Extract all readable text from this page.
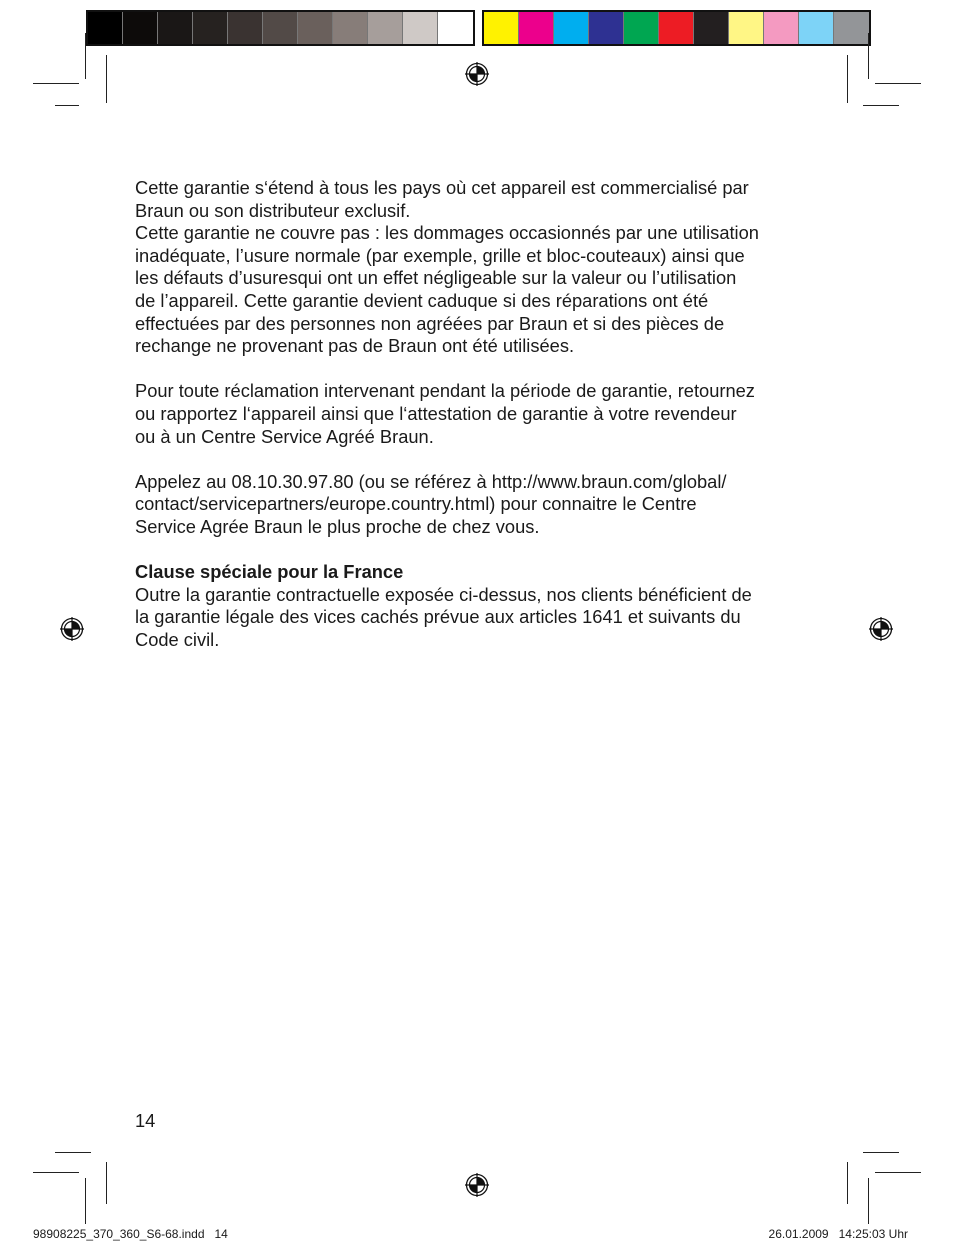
Cette garantie s‘étend à tous les pays où cet appareil est commercialisé par
Braun ou son distributeur exclusif.
Cette garantie ne couvre pas : les dommages occasionnés par une utilisation
inadéquate, l’usure normale (par exemple, grille et bloc-couteaux) ainsi que
les défauts d’usuresqui ont un effet négligeable sur la valeur ou l’utilisation
de l’appareil. Cette garantie devient caduque si des réparations ont été
effectuées par des personnes non agréées par Braun et si des pièces de
rechange ne provenant pas de Braun ont été utilisées.

Pour toute réclamation intervenant pendant la période de garantie, retournez
ou rapportez l‘appareil ainsi que l‘attestation de garantie à votre revendeur
ou à un Centre Service Agréé Braun.

Appelez au 08.10.30.97.80 (ou se référez à http://www.braun.com/global/
contact/servicepartners/europe.country.html) pour connaitre le Centre
Service Agrée Braun le plus proche de chez vous.

Clause spéciale pour la France

Outre la garantie contractuelle exposée ci-dessus, nos clients bénéficient de
la garantie légale des vices cachés prévue aux articles 1641 et suivants du
Code civil.

14
98908225_370_360_S6-68.indd   14	26.01.2009   14:25:03 Uhr
